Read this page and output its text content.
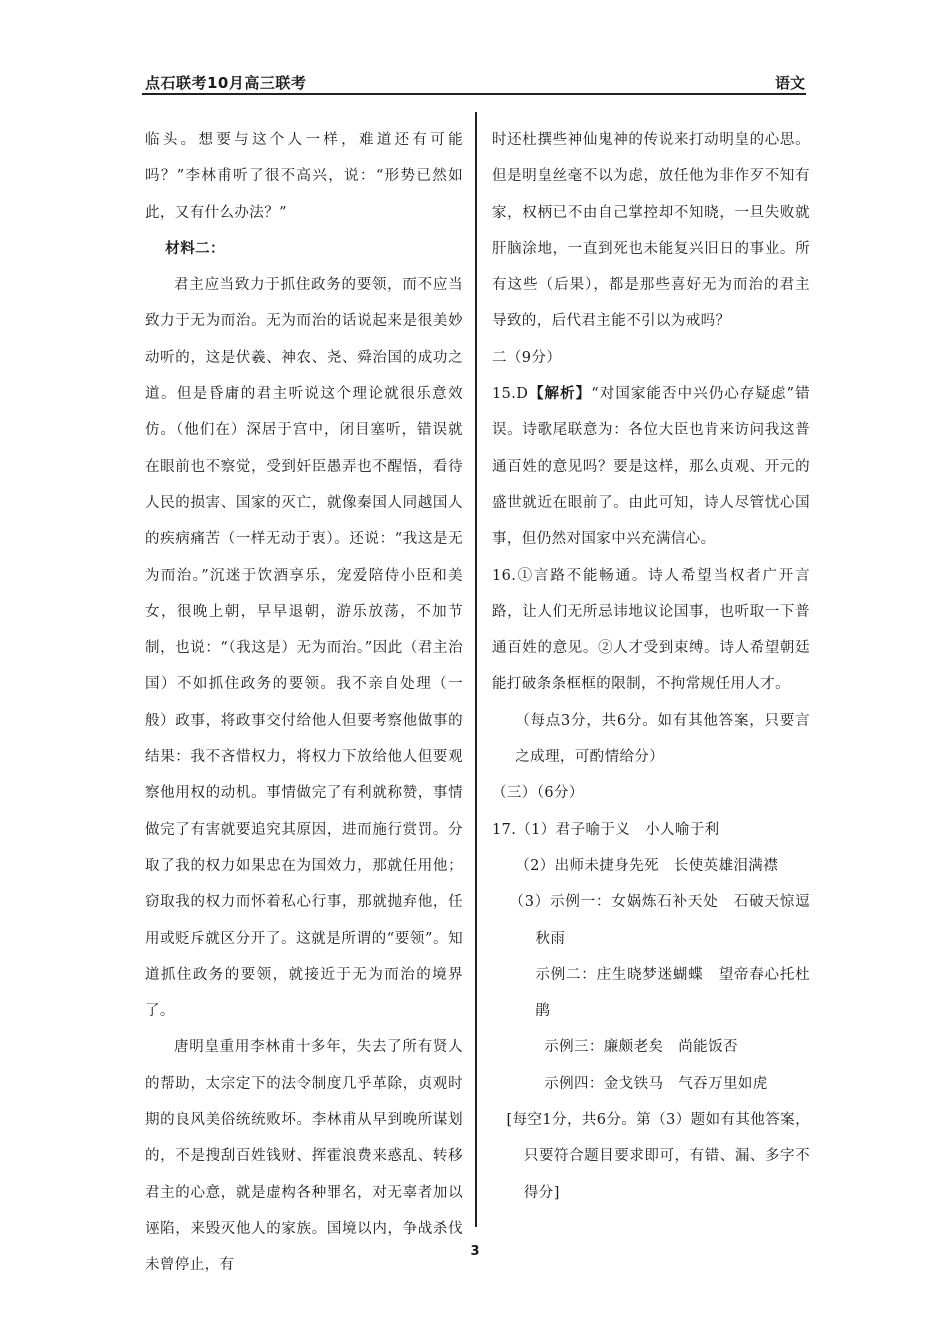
点石联考10月高三联考	语文

临头。想要与这个人一样，难道还有可能吗？”李林甫听了很不高兴，说：“形势已然如此，又有什么办法？”

材料二：

君主应当致力于抓住政务的要领，而不应当致力于无为而治。无为而治的话说起来是很美妙动听的，这是伏羲、神农、尧、舜治国的成功之道。但是昏庸的君主听说这个理论就很乐意效仿。（他们在）深居于宫中，闭目塞听，错误就在眼前也不察觉，受到奸臣愚弄也不醒悟，看待人民的损害、国家的灭亡，就像秦国人同越国人的疾病痛苦（一样无动于衷）。还说：“我这是无为而治。”沉迷于饮酒享乐，宠爱陪侍小臣和美女，很晚上朝，早早退朝，游乐放荡，不加节制，也说：“（我这是）无为而治。”因此（君主治国）不如抓住政务的要领。我不亲自处理（一般）政事，将政事交付给他人但要考察他做事的结果：我不吝惜权力，将权力下放给他人但要观察他用权的动机。事情做完了有利就称赞，事情做完了有害就要追究其原因，进而施行赏罚。分取了我的权力如果忠在为国效力，那就任用他；窃取我的权力而怀着私心行事，那就抛弃他，任用或贬斥就区分开了。这就是所谓的“要领”。知道抓住政务的要领，就接近于无为而治的境界了。

唐明皇重用李林甫十多年，失去了所有贤人的帮助，太宗定下的法令制度几乎革除，贞观时期的良风美俗统统败坏。李林甫从早到晚所谋划的，不是搜刮百姓钱财、挥霍浪费来惑乱、转移君主的心意，就是虚构各种罪名，对无辜者加以诬陷，来毁灭他人的家族。国境以内，争战杀伐未曾停止，有

时还杜撰些神仙鬼神的传说来打动明皇的心思。但是明皇丝毫不以为虑，放任他为非作歹不知有家，权柄已不由自己掌控却不知晓，一旦失败就肝脑涂地，一直到死也未能复兴旧日的事业。所有这些（后果），都是那些喜好无为而治的君主导致的，后代君主能不引以为戒吗？

二（9分）

15.D【解析】“对国家能否中兴仍心存疑虑”错误。诗歌尾联意为：各位大臣也肯来访问我这普通百姓的意见吗？要是这样，那么贞观、开元的盛世就近在眼前了。由此可知，诗人尽管忧心国事，但仍然对国家中兴充满信心。

16.①言路不能畅通。诗人希望当权者广开言路，让人们无所忌讳地议论国事，也听取一下普通百姓的意见。②人才受到束缚。诗人希望朝廷能打破条条框框的限制，不拘常规任用人才。

（每点3分，共6分。如有其他答案，只要言之成理，可酌情给分）

（三）（6分）

17.（1）君子喻于义　小人喻于利

（2）出师未捷身先死　长使英雄泪满襟

（3）示例一：女娲炼石补天处　石破天惊逗秋雨

示例二：庄生晓梦迷蝴蝶　望帝春心托杜鹃

示例三：廉颇老矣　尚能饭否

示例四：金戈铁马　气吞万里如虎

[每空1分，共6分。第（3）题如有其他答案，只要符合题目要求即可，有错、漏、多字不得分]

3
